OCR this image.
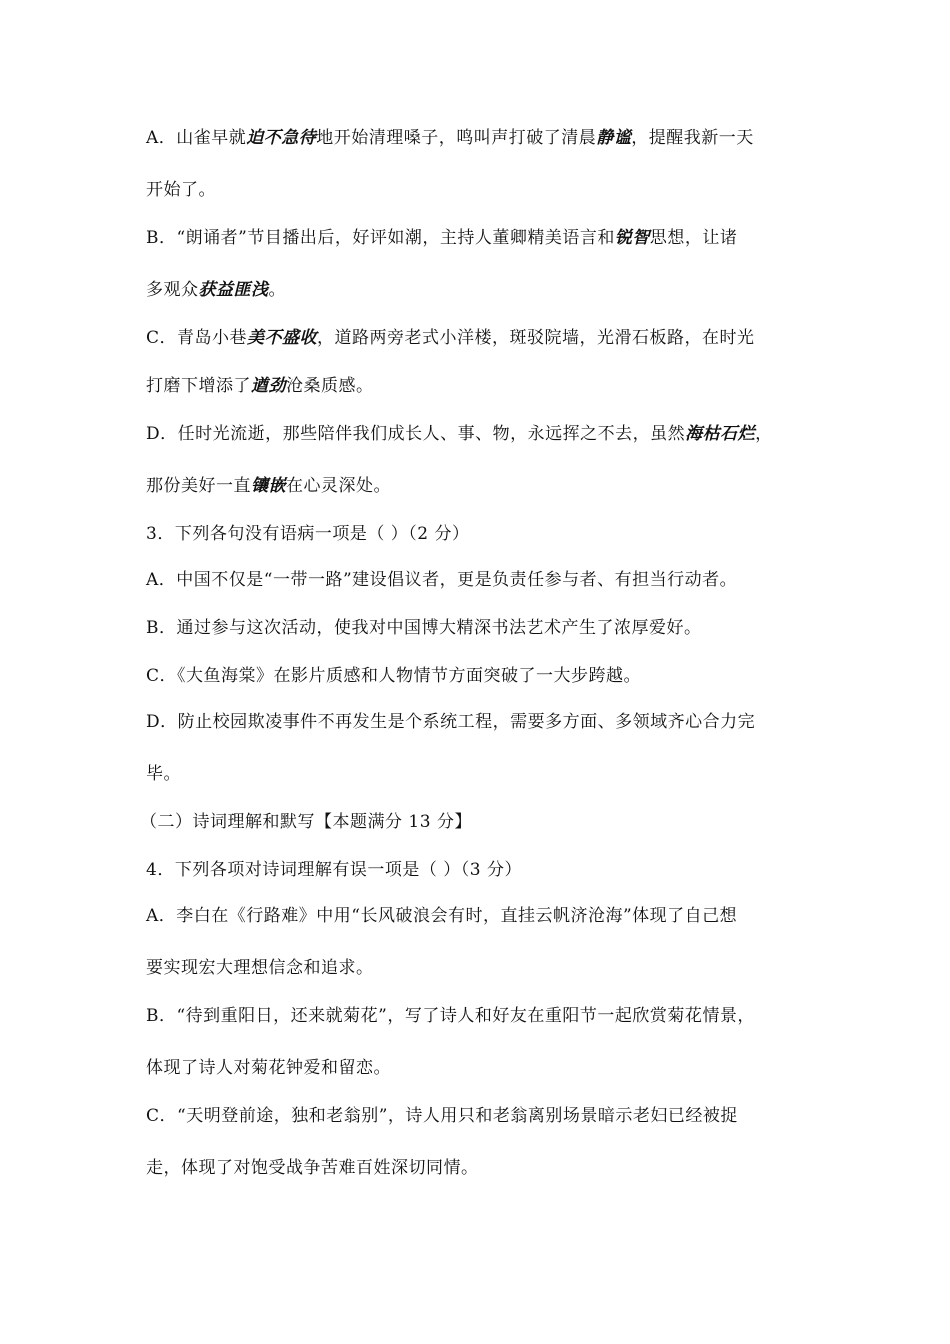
A．山雀早就迫不急待地开始清理嗓子，鸣叫声打破了清晨静谧，提醒我新一天
开始了。
B．“朗诵者”节目播出后，好评如潮，主持人董卿精美语言和锐智思想，让诸
多观众获益匪浅。
C．青岛小巷美不盛收，道路两旁老式小洋楼，斑驳院墙，光滑石板路，在时光
打磨下增添了遒劲沧桑质感。
D．任时光流逝，那些陪伴我们成长人、事、物，永远挥之不去，虽然海枯石烂，
那份美好一直镶嵌在心灵深处。
3．下列各句没有语病一项是（ ）（2 分）
A．中国不仅是“一带一路”建设倡议者，更是负责任参与者、有担当行动者。
B．通过参与这次活动，使我对中国博大精深书法艺术产生了浓厚爱好。
C．《大鱼海棠》在影片质感和人物情节方面突破了一大步跨越。
D．防止校园欺凌事件不再发生是个系统工程，需要多方面、多领域齐心合力完
毕。
（二）诗词理解和默写【本题满分 13 分】
4．下列各项对诗词理解有误一项是（ ）（3 分）
A．李白在《行路难》中用“长风破浪会有时，直挂云帆济沧海”体现了自己想
要实现宏大理想信念和追求。
B．“待到重阳日，还来就菊花”，写了诗人和好友在重阳节一起欣赏菊花情景，
体现了诗人对菊花钟爱和留恋。
C．“天明登前途，独和老翁别”，诗人用只和老翁离别场景暗示老妇已经被捉
走，体现了对饱受战争苦难百姓深切同情。
